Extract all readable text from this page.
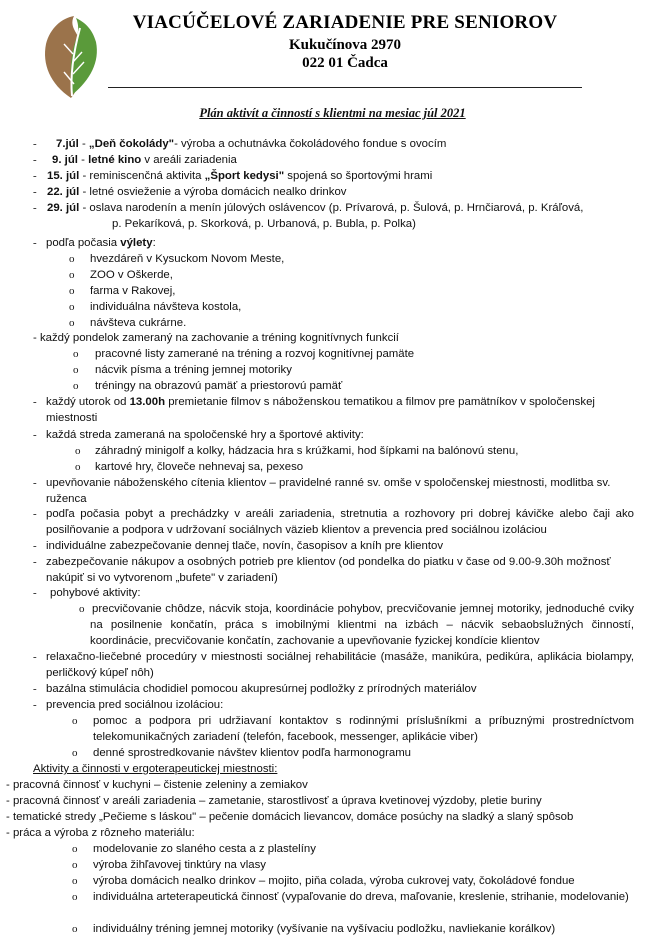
VIACÚČELOVÉ ZARIADENIE PRE SENIOROV
Kukučínova 2970
022 01 Čadca
Plán aktivít a činností s klientmi na mesiac júl 2021
- 7.júl - „Deň čokolády"- výroba a ochutnávka čokoládového fondue s ovocím
- 9. júl - letné kino v areáli zariadenia
- 15. júl - reminiscenčná aktivita „Šport kedysi" spojená so športovými hrami
- 22. júl - letné osvieženie a výroba domácich nealko drinkov
- 29. júl - oslava narodenín a menín júlových oslávencov (p. Prívarová, p. Šulová, p. Hrnčiarová, p. Kráľová,
p. Pekaríková, p. Skorková, p. Urbanová, p. Bubla, p. Polka)
- podľa počasia výlety:
o hvezdáreň v Kysuckom Novom Meste,
o ZOO v Oškerde,
o farma v Rakovej,
o individuálna návšteva kostola,
o návšteva cukrárne.
- každý pondelok zameraný na zachovanie a tréning kognitívnych funkcií
o pracovné listy zamerané na tréning a rozvoj kognitívnej pamäte
o nácvik písma a tréning jemnej motoriky
o tréningy na obrazovú pamäť a priestorovú pamäť
- každý utorok od 13.00h premietanie filmov s náboženskou tematikou a filmov pre pamätníkov v spoločenskej
miestnosti
- každá streda zameraná na spoločenské hry a športové aktivity:
o záhradný minigolf a kolky, hádzacia hra s krúžkami, hod šípkami na balónovú stenu,
o kartové hry, človeče nehnevaj sa, pexeso
- upevňovanie náboženského cítenia klientov – pravidelné ranné sv. omše v spoločenskej miestnosti, modlitba sv.
ruženca
- podľa počasia pobyt a prechádzky v areáli zariadenia, stretnutia a rozhovory pri dobrej kávičke alebo čaji ako posilňovanie a podpora v udržovaní sociálnych väzieb klientov a prevencia pred sociálnou izoláciou
- individuálne zabezpečovanie dennej tlače, novín, časopisov a kníh pre klientov
- zabezpečovanie nákupov a osobných potrieb pre klientov (od pondelka do piatku v čase od 9.00-9.30h možnosť
nakúpiť si vo vytvorenom „bufete" v zariadení)
- pohybové aktivity:
o precvičovanie chôdze, nácvik stoja, koordinácie pohybov, precvičovanie jemnej motoriky, jednoduché cviky na posilnenie končatín, práca s imobilnými klientmi na izbách – nácvik sebaobslužných činností, koordinácie, precvičovanie končatín, zachovanie a upevňovanie fyzickej kondície klientov
- relaxačno-liečebné procedúry v miestnosti sociálnej rehabilitácie (masáže, manikúra, pedikúra, aplikácia biolampy, perličkový kúpeľ nôh)
- bazálna stimulácia chodidiel pomocou akupresúrnej podložky z prírodných materiálov
- prevencia pred sociálnou izoláciou:
o pomoc a podpora pri udržiavaní kontaktov s rodinnými príslušníkmi a príbuznými prostredníctvom telekomunikačných zariadení (telefón, facebook, messenger, aplikácie viber)
o denné sprostredkovanie návštev klientov podľa harmonogramu
Aktivity a činnosti v ergoterapeutickej miestnosti:
- pracovná činnosť v kuchyni – čistenie zeleniny a zemiakov
- pracovná činnosť v areáli zariadenia – zametanie, starostlivosť a úprava kvetinovej výzdoby, pletie buriny
- tematické stredy „Pečieme s láskou" – pečenie domácich lievancov, domáce posúchy na sladký a slaný spôsob
- práca a výroba z rôzneho materiálu:
o modelovanie zo slaného cesta a z plastelíny
o výroba žihľavovej tinktúry na vlasy
o výroba domácich nealko drinkov – mojito, piňa colada, výroba cukrovej vaty, čokoládové fondue
o individuálna arteterapeutická činnosť (vypaľovanie do dreva, maľovanie, kreslenie, strihanie, modelovanie)
o individuálny tréning jemnej motoriky (vyšívanie na vyšívaciu podložku, navliekanie korálkov)
